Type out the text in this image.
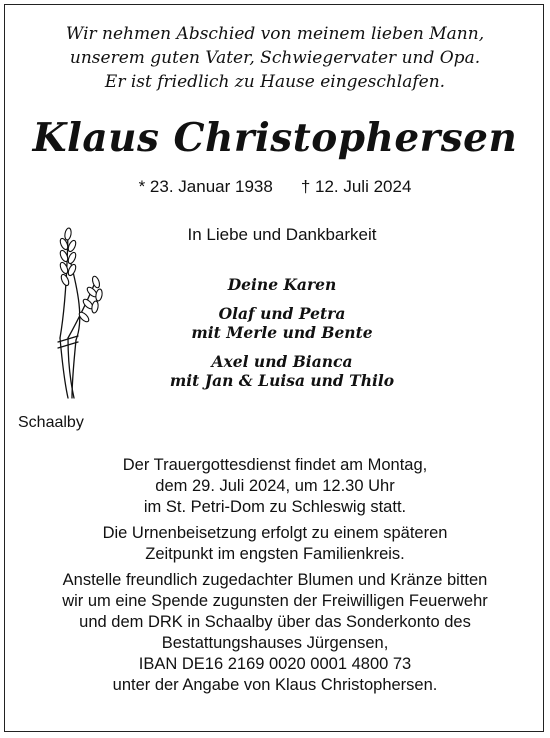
Wir nehmen Abschied von meinem lieben Mann,
unserem guten Vater, Schwiegervater und Opa.
Er ist friedlich zu Hause eingeschlafen.
Klaus Christophersen
* 23. Januar 1938 † 12. Juli 2024
In Liebe und Dankbarkeit
Deine Karen
Olaf und Petra
mit Merle und Bente
Axel und Bianca
mit Jan & Luisa und Thilo
Schaalby
Der Trauergottesdienst findet am Montag,
dem 29. Juli 2024, um 12.30 Uhr
im St. Petri-Dom zu Schleswig statt.
Die Urnenbeisetzung erfolgt zu einem späteren
Zeitpunkt im engsten Familienkreis.
Anstelle freundlich zugedachter Blumen und Kränze bitten
wir um eine Spende zugunsten der Freiwilligen Feuerwehr
und dem DRK in Schaalby über das Sonderkonto des
Bestattungshauses Jürgensen,
IBAN DE16 2169 0020 0001 4800 73
unter der Angabe von Klaus Christophersen.
